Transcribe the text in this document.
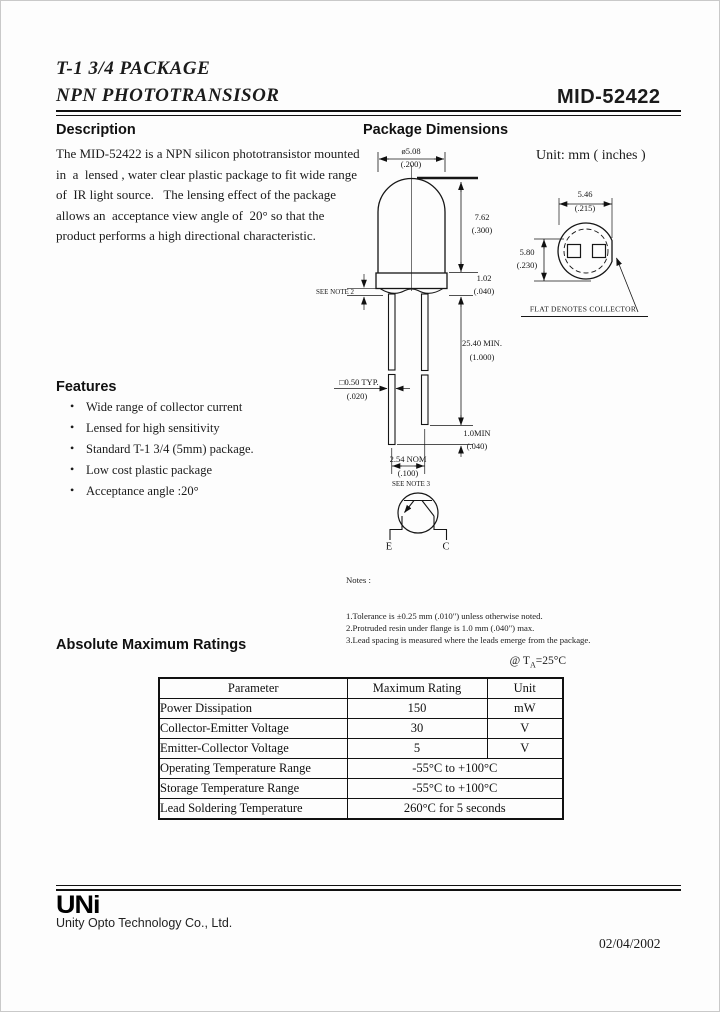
T-1 3/4 PACKAGE
NPN PHOTOTRANSISOR	MID-52422
Description
The MID-52422 is a NPN silicon phototransistor mounted
in  a  lensed , water clear plastic package to fit wide range
of  IR light source.   The lensing effect of the package
allows an  acceptance view angle of  20° so that the
product performs a high directional characteristic.
Features
• Wide range of collector current
• Lensed for high sensitivity
• Standard T-1 3/4 (5mm) package.
• Low cost plastic package
• Acceptance angle :20°
Package Dimensions
Unit: mm ( inches )
ø5.08
(.200)
7.62
(.300)
1.02
(.040)
SEE NOTE 2
25.40 MIN.
(1.000)
□0.50 TYP.
(.020)
1.0MIN
(.040)
2.54 NOM
(.100)
SEE NOTE 3
E	C
5.46
(.215)
5.80
(.230)
FLAT DENOTES COLLECTOR

Notes :

1.Tolerance is ±0.25 mm (.010") unless otherwise noted.
2.Protruded resin under flange is 1.0 mm (.040") max.
3.Lead spacing is measured where the leads emerge from the package.

Absolute Maximum Ratings
@ $T_A=25^\circ C$
Parameter	Maximum Rating	Unit
Power Dissipation	150	mW
Collector-Emitter Voltage	30	V
Emitter-Collector Voltage	5	V
Operating Temperature Range	-55°C to +100°C	
Storage Temperature Range	-55°C to +100°C	
Lead Soldering Temperature	260°C for 5 seconds	
UNi
Unity Opto Technology Co., Ltd.
02/04/2002
